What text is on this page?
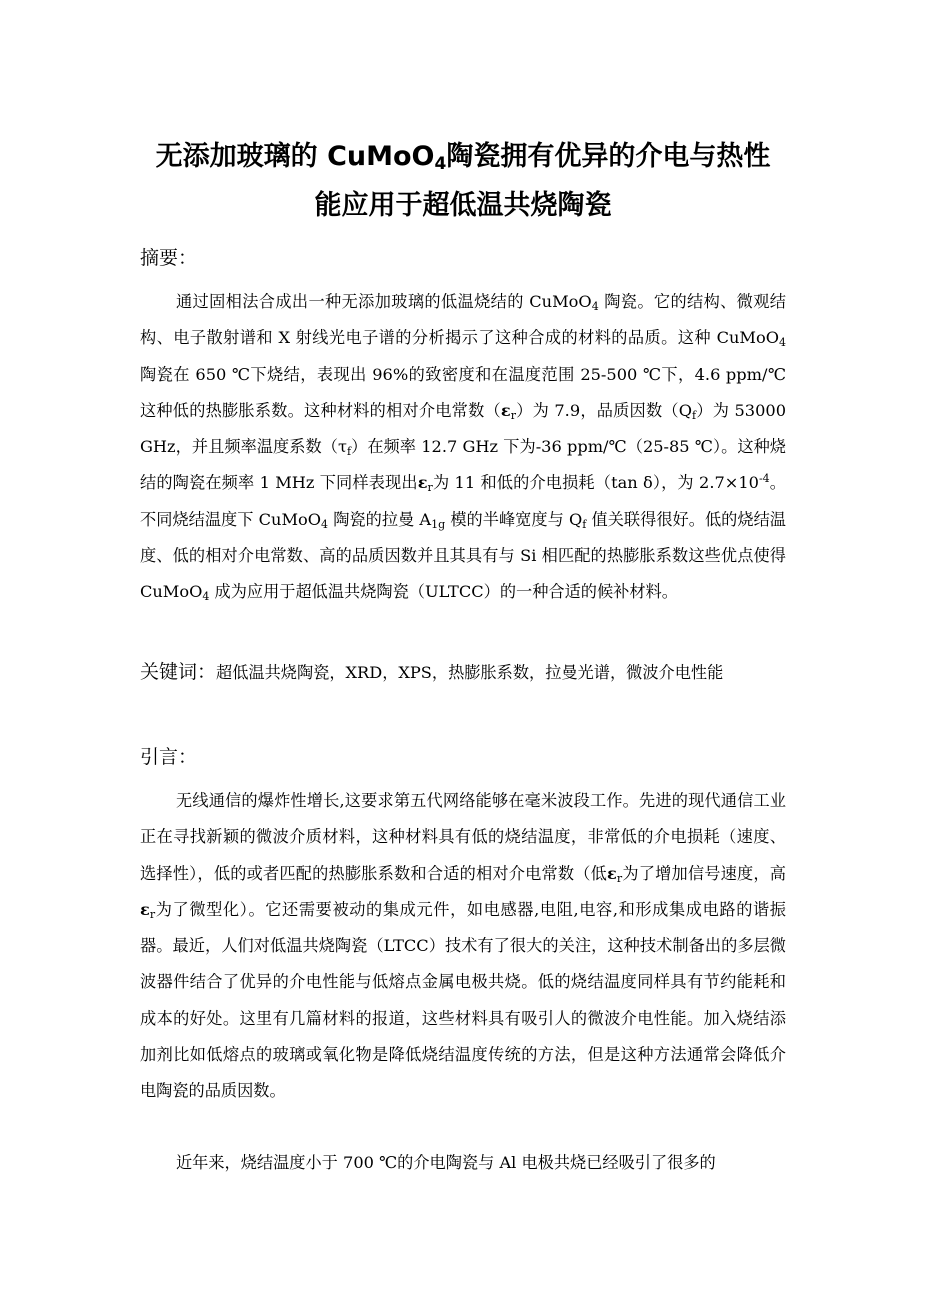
无添加玻璃的 CuMoO$_4$陶瓷拥有优异的介电与热性
能应用于超低温共烧陶瓷
摘要：
通过固相法合成出一种无添加玻璃的低温烧结的 CuMoO$_4$ 陶瓷。它的结构、微观结构、电子散射谱和 X 射线光电子谱的分析揭示了这种合成的材料的品质。这种 CuMoO$_4$ 陶瓷在 650 ℃下烧结，表现出 96%的致密度和在温度范围 25-500 ℃下，4.6 ppm/℃这种低的热膨胀系数。这种材料的相对介电常数$(\varepsilon_r)$为 7.9，品质因数$(Q_f)$为 53000 GHz，并且频率温度系数$(\tau_f)$在频率 12.7 GHz 下为-36 ppm/℃（25-85 ℃）。这种烧结的陶瓷在频率 1 MHz 下同样表现出$\varepsilon_r$为 11 和低的介电损耗（tan δ），为 $2.7\times 10^{-4}$。不同烧结温度下 CuMoO$_4$ 陶瓷的拉曼 $A_{1g}$ 模的半峰宽度与 $Q_f$ 值关联得很好。低的烧结温度、低的相对介电常数、高的品质因数并且其具有与 Si 相匹配的热膨胀系数这些优点使得 CuMoO$_4$ 成为应用于超低温共烧陶瓷（ULTCC）的一种合适的候补材料。
关键词：超低温共烧陶瓷，XRD，XPS，热膨胀系数，拉曼光谱，微波介电性能
引言：
无线通信的爆炸性增长,这要求第五代网络能够在毫米波段工作。先进的现代通信工业正在寻找新颖的微波介质材料，这种材料具有低的烧结温度，非常低的介电损耗（速度、选择性），低的或者匹配的热膨胀系数和合适的相对介电常数（低$\varepsilon_r$为了增加信号速度，高$\varepsilon_r$为了微型化）。它还需要被动的集成元件，如电感器,电阻,电容,和形成集成电路的谐振器。最近，人们对低温共烧陶瓷（LTCC）技术有了很大的关注，这种技术制备出的多层微波器件结合了优异的介电性能与低熔点金属电极共烧。低的烧结温度同样具有节约能耗和成本的好处。这里有几篇材料的报道，这些材料具有吸引人的微波介电性能。加入烧结添加剂比如低熔点的玻璃或氧化物是降低烧结温度传统的方法，但是这种方法通常会降低介电陶瓷的品质因数。
近年来，烧结温度小于 700 ℃的介电陶瓷与 Al 电极共烧已经吸引了很多的
